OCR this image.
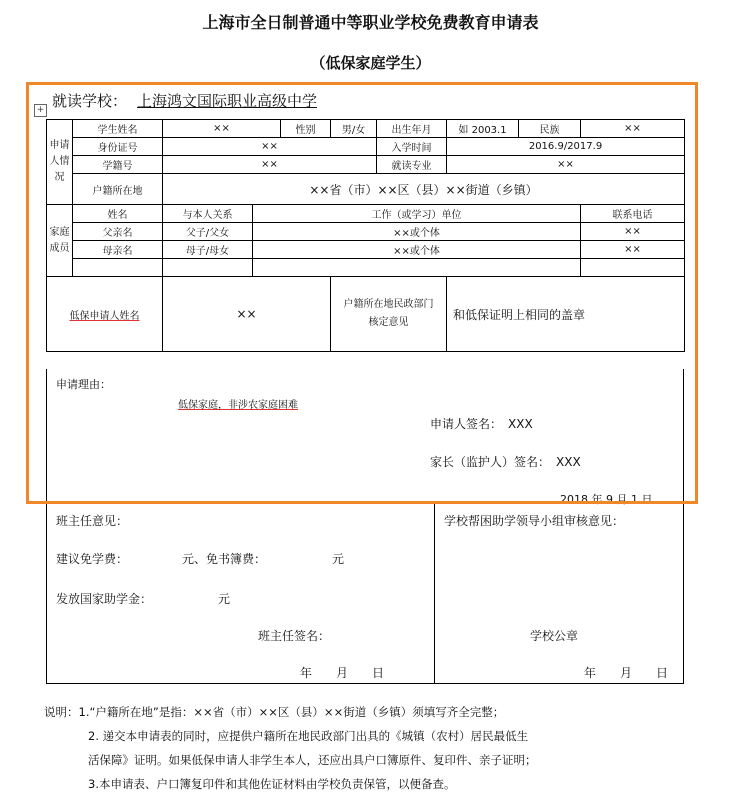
上海市全日制普通中等职业学校免费教育申请表
（低保家庭学生）
+ 就读学校： 上海鸿文国际职业高级中学
申请人情况	学生姓名	××		性别	男/女	出生年月	如 2003.1	民族	××
	身份证号	××				入学时间	2016.9/2017.9		
	学籍号	××				就读专业	××		
	户籍所在地	××省（市）××区（县）××街道（乡镇）							
家庭成员	姓名	与本人关系	工作（或学习）单位						联系电话
	父亲名	父子/父女	××或个体						××
	母亲名	母子/母女	××或个体						××

低保申请人姓名		××			户籍所在地民政部门核定意见		和低保证明上相同的盖章		
申请理由：
低保家庭，非涉农家庭困难
申请人签名：　XXX
家长（监护人）签名：　XXX
2018 年 9 月 1 日
班主任意见：
建议免学费：　　　　　元、免书簿费：　　　　　　元
发放国家助学金：　　　　　　元
班主任签名：
年　　月　　日
学校帮困助学领导小组审核意见：
学校公章
年　　月　　日
说明：1.“户籍所在地”是指：××省（市）××区（县）××街道（乡镇）须填写齐全完整；
2. 递交本申请表的同时，应提供户籍所在地民政部门出具的《城镇（农村）居民最低生
活保障》证明。如果低保申请人非学生本人，还应出具户口簿原件、复印件、亲子证明；
3.本申请表、户口簿复印件和其他佐证材料由学校负责保管，以便备查。
